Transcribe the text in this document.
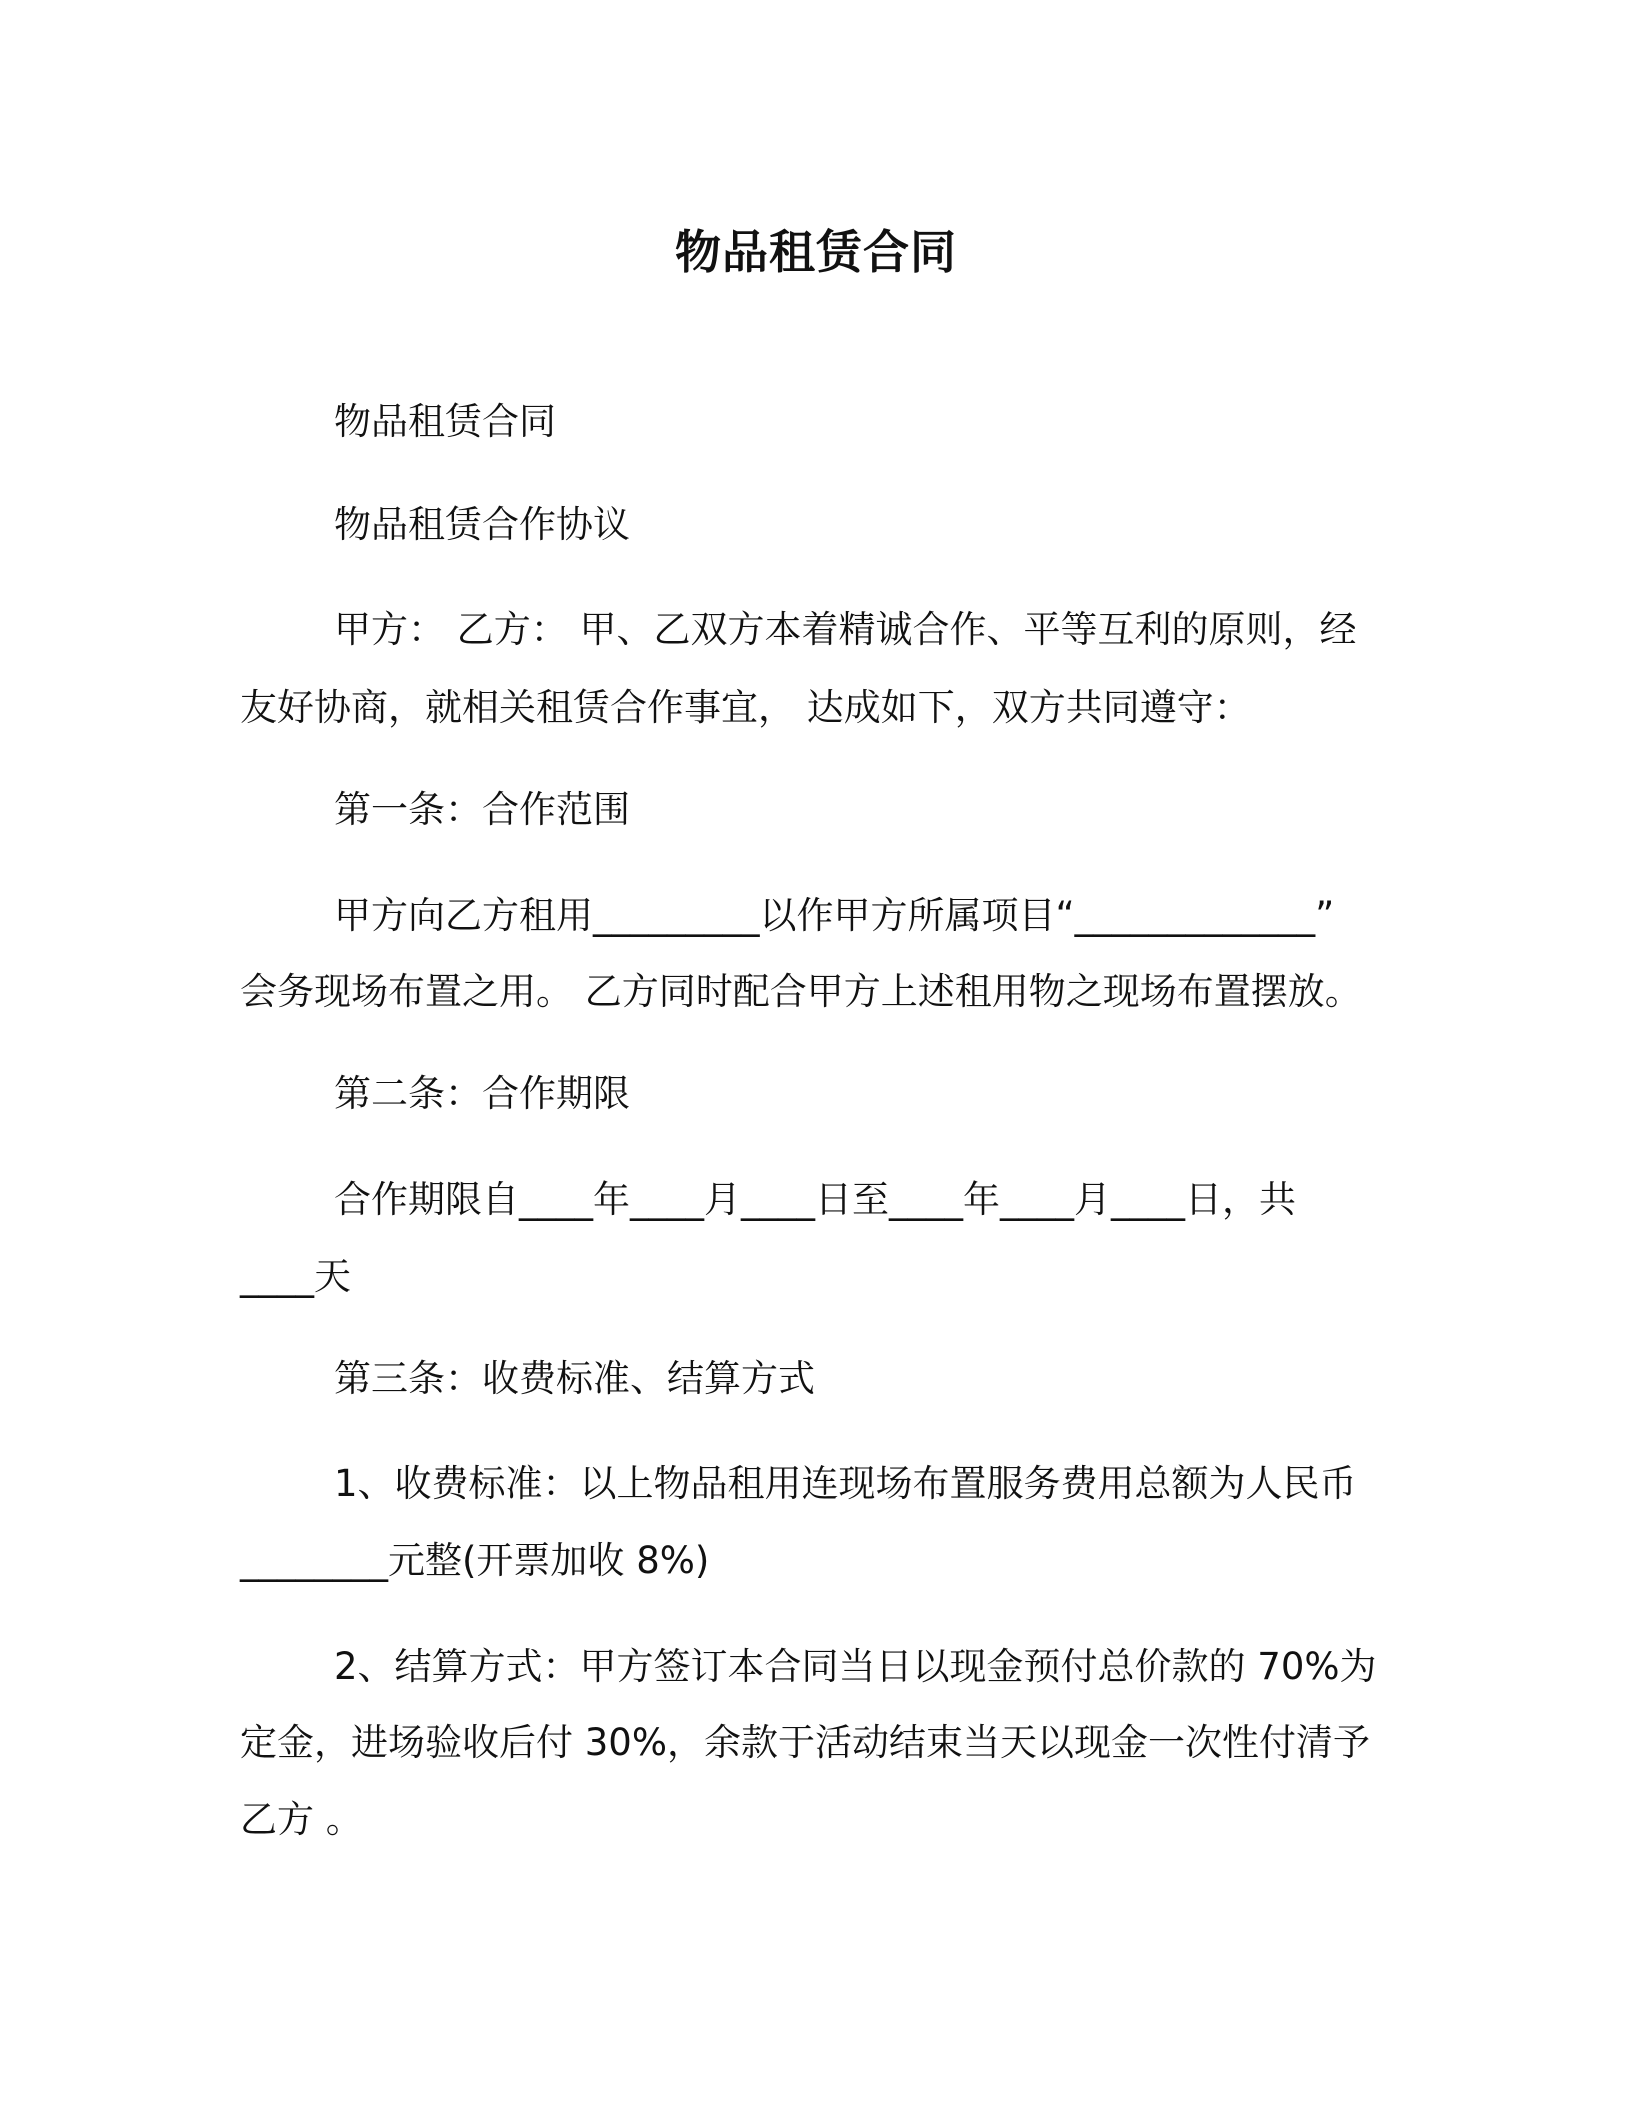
物品租赁合同
物品租赁合同
物品租赁合作协议
甲方： 乙方： 甲、乙双方本着精诚合作、平等互利的原则，经
友好协商，就相关租赁合作事宜， 达成如下，双方共同遵守：
第一条：合作范围
甲方向乙方租用_________以作甲方所属项目“_____________”
会务现场布置之用。 乙方同时配合甲方上述租用物之现场布置摆放。
第二条：合作期限
合作期限自____年____月____日至____年____月____日，共
____天
第三条：收费标准、结算方式
1、收费标准：以上物品租用连现场布置服务费用总额为人民币
________元整(开票加收 8%)
2、结算方式：甲方签订本合同当日以现金预付总价款的 70%为
定金，进场验收后付 30%，余款于活动结束当天以现金一次性付清予
乙方 。
